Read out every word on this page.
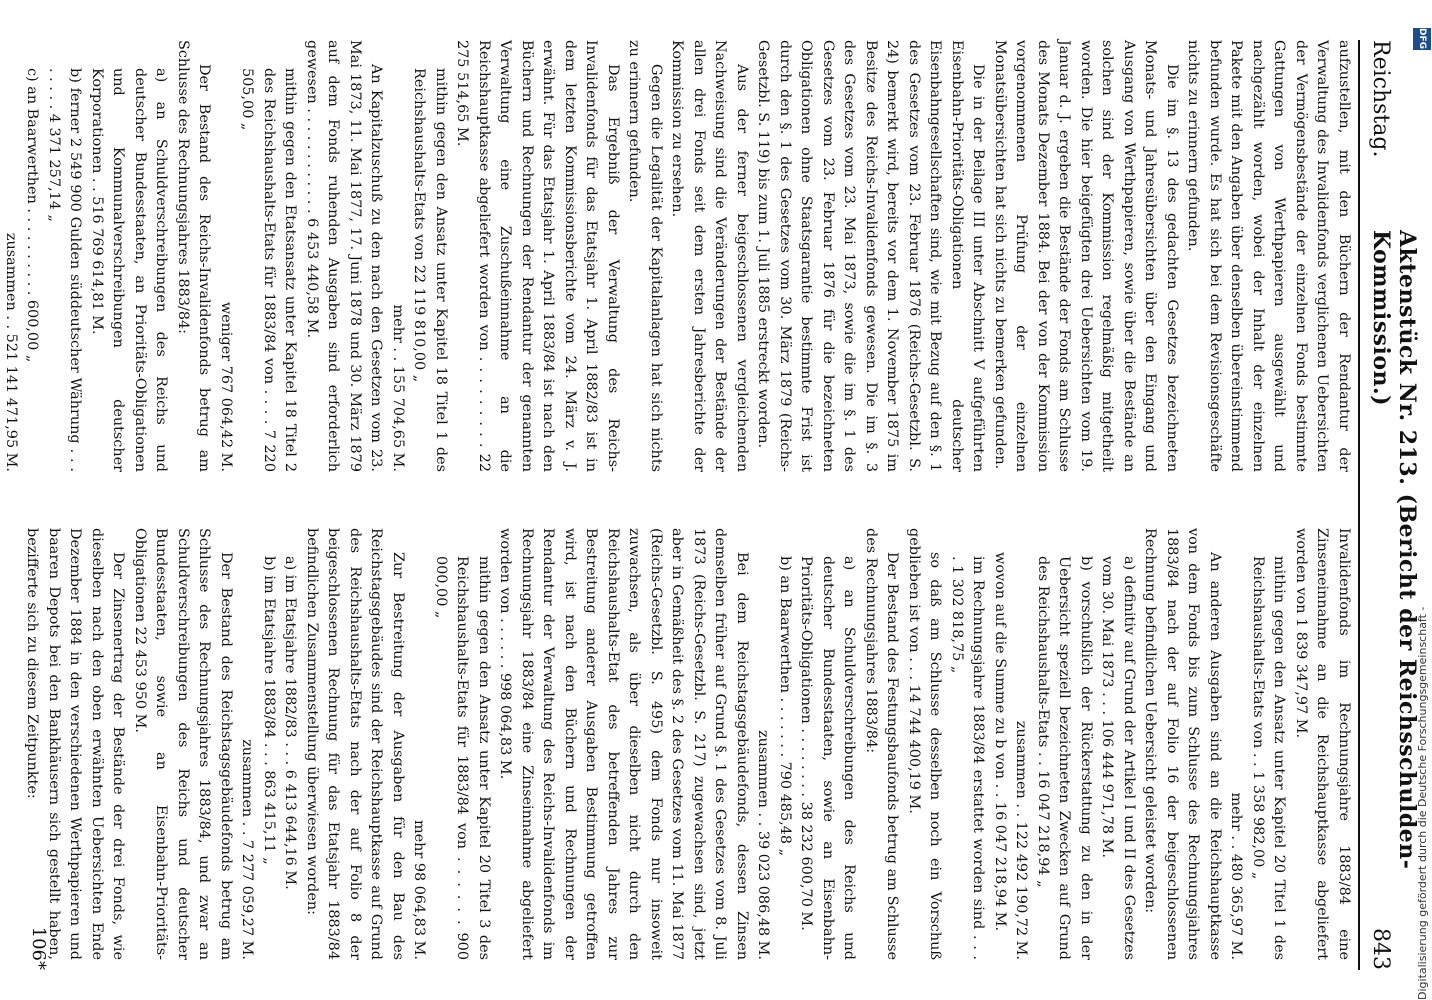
Reichstag.
Aktenstück Nr. 213. (Bericht der Reichsschulden-Kommission.)
843

aufzustellen, mit den Büchern der Rendantur der Verwaltung des Invalidenfonds verglichenen Uebersichten der Vermögensbestände der einzelnen Fonds bestimmte Gattungen von Werthpapieren ausgewählt und nachgezählt worden, wobei der Inhalt der einzelnen Pakete mit den Angaben über denselben übereinstimmend befunden wurde. Es hat sich bei dem Revisionsgeschäfte nichts zu erinnern gefunden.

Die im §. 13 des gedachten Gesetzes bezeichneten Monats- und Jahresübersichten über den Eingang und Ausgang von Werthpapieren, sowie über die Bestände an solchen sind der Kommission regelmäßig mitgetheilt worden. Die hier beigefügten drei Uebersichten vom 19. Januar d. J. ergeben die Bestände der Fonds am Schlusse des Monats Dezember 1884. Bei der von der Kommission vorgenommenen Prüfung der einzelnen Monatsübersichten hat sich nichts zu bemerken gefunden.

Die in der Beilage III unter Abschnitt V aufgeführten Eisenbahn-Prioritäts-Obligationen deutscher Eisenbahngesellschaften sind, wie mit Bezug auf den §. 1 des Gesetzes vom 23. Februar 1876 (Reichs-Gesetzbl. S. 24) bemerkt wird, bereits vor dem 1. November 1875 im Besitze des Reichs-Invalidenfonds gewesen. Die im §. 3 des Gesetzes vom 23. Mai 1873, sowie die im §. 1 des Gesetzes vom 23. Februar 1876 für die bezeichneten Obligationen ohne Staatsgarantie bestimmte Frist ist durch den §. 1 des Gesetzes vom 30. März 1879 (Reichs-Gesetzbl. S. 119) bis zum 1. Juli 1885 erstreckt worden.

Aus der ferner beigeschlossenen vergleichenden Nachweisung sind die Veränderungen der Bestände der allen drei Fonds seit dem ersten Jahresberichte der Kommission zu ersehen.

Gegen die Legalität der Kapitalanlagen hat sich nichts zu erinnern gefunden.

Das Ergebniß der Verwaltung des Reichs-Invalidenfonds für das Etatsjahr 1. April 1882/83 ist in dem letzten Kommissionsberichte vom 24. März v. J. erwähnt. Für das Etatsjahr 1. April 1883/84 ist nach den Büchern und Rechnungen der Rendantur der genannten Verwaltung eine Zuschußeinnahme an die Reichshauptkasse abgeliefert worden von . . . . . . . . . 22 275 514,65 M.

mithin gegen den Ansatz unter Kapitel 18 Titel 1 des Reichshaushalts-Etats von 22 119 810,00 „

mehr . . 155 704,65 M.

An Kapitalzuschuß zu den nach den Gesetzen vom 23. Mai 1873, 11. Mai 1877, 17. Juni 1878 und 30. März 1879 auf dem Fonds ruhenden Ausgaben sind erforderlich gewesen . . . . . . . . . . . . 6 453 440,58 M.

mithin gegen den Etatsansatz unter Kapitel 18 Titel 2 des Reichshaushalts-Etats für 1883/84 von . . . . 7 220 505,00 „

weniger 767 064,42 M.

Der Bestand des Reichs-Invalidenfonds betrug am Schlusse des Rechnungsjahres 1883/84:

a) an Schuldverschreibungen des Reichs und deutscher Bundesstaaten, an Prioritäts-Obligationen und Kommunalverschreibungen deutscher Korporationen . . 516 769 614,81 M.

b) ferner 2 549 900 Gulden süddeutscher Währung . . . . . . . . 4 371 257,14 „

c) an Baarwerthen . . . . . . . . . . 600,00 „

zusammen . . 521 141 471,95 M.

Invalidenfonds im Rechnungsjahre 1883/84 eine Zinseneinnahme an die Reichshauptkasse abgeliefert worden von 1 839 347,97 M.

mithin gegen den Ansatz unter Kapitel 20 Titel 1 des Reichshaushalts-Etats von . . 1 358 982,00 „

mehr . . 480 365,97 M.

An anderen Ausgaben sind an die Reichshauptkasse von dem Fonds bis zum Schlusse des Rechnungsjahres 1883/84 nach der auf Folio 16 der beigeschlossenen Rechnung befindlichen Uebersicht geleistet worden:

a) definitiv auf Grund der Artikel I und II des Gesetzes vom 30. Mai 1873 . . . 106 444 971,78 M.

b) vorschußlich der Rückerstattung zu den in der Uebersicht speziell bezeichneten Zwecken auf Grund des Reichshaushalts-Etats . . 16 047 218,94 „

zusammen . . 122 492 190,72 M.

wovon auf die Summe zu b von . . 16 047 218,94 M.

im Rechnungsjahre 1883/84 erstattet worden sind . . . . 1 302 818,75 „

so daß am Schlusse desselben noch ein Vorschuß geblieben ist von . . . 14 744 400,19 M.

Der Bestand des Festungsbaufonds betrug am Schlusse des Rechnungsjahres 1883/84:

a) an Schuldverschreibungen des Reichs und deutscher Bundesstaaten, sowie an Eisenbahn-Prioritäts-Obligationen . . . . . . . . 38 232 600,70 M.

b) an Baarwerthen . . . . . . . 790 485,48 „

zusammen . . 39 023 086,48 M.

Bei dem Reichstagsgebäudefonds, dessen Zinsen demselben früher auf Grund §. 1 des Gesetzes vom 8. Juli 1873 (Reichs-Gesetzbl. S. 217) zugewachsen sind, jetzt aber in Gemäßheit des §. 2 des Gesetzes vom 11. Mai 1877 (Reichs-Gesetzbl. S. 495) dem Fonds nur insoweit zuwachsen, als über dieselben nicht durch den Reichshaushalts-Etat des betreffenden Jahres zur Bestreitung anderer Ausgaben Bestimmung getroffen wird, ist nach den Büchern und Rechnungen der Rendantur der Verwaltung des Reichs-Invalidenfonds im Rechnungsjahr 1883/84 eine Zinseinnahme abgeliefert worden von . . . . . . 998 064,83 M.

mithin gegen den Ansatz unter Kapitel 20 Titel 3 des Reichshaushalts-Etats für 1883/84 von . . . . . . 900 000,00 „

mehr 98 064,83 M.

Zur Bestreitung der Ausgaben für den Bau des Reichstagsgebäudes sind der Reichshauptkasse auf Grund des Reichshaushalts-Etats nach der auf Folio 8 der beigeschlossenen Rechnung für das Etatsjahr 1883/84 befindlichen Zusammenstellung überwiesen worden:

a) im Etatsjahre 1882/83 . . . 6 413 644,16 M.

b) im Etatsjahre 1883/84 . . . 863 415,11 „

zusammen . . 7 277 059,27 M.

Der Bestand des Reichstagsgebäudefonds betrug am Schlusse des Rechnungsjahres 1883/84, und zwar an Schuldverschreibungen des Reichs und deutscher Bundesstaaten, sowie an Eisenbahn-Prioritäts-Obligationen 22 453 950 M.

Der Zinsenertrag der Bestände der drei Fonds, wie dieselben nach den oben erwähnten Uebersichten Ende Dezember 1884 in den verschiedenen Werthpapieren und baaren Depots bei den Bankhäusern sich gestellt haben, bezifferte sich zu diesem Zeitpunkte:

106*	Digitalisierung gefördert durch die Deutsche Forschungsgemeinschaft -
DFG
